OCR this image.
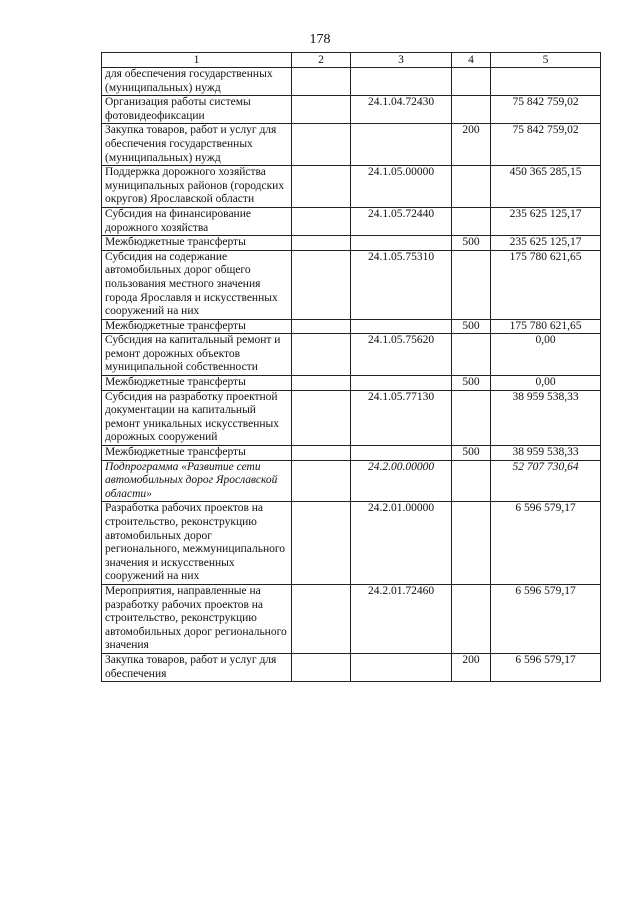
178
1	2	3	4	5
для обеспечения государственных (муниципальных) нужд				
Организация работы системы фотовидеофиксации		24.1.04.72430		75 842 759,02
Закупка товаров, работ и услуг для обеспечения государственных (муниципальных) нужд			200	75 842 759,02
Поддержка дорожного хозяйства муниципальных районов (городских округов) Ярославской области		24.1.05.00000		450 365 285,15
Субсидия на финансирование дорожного хозяйства		24.1.05.72440		235 625 125,17
Межбюджетные трансферты			500	235 625 125,17
Субсидия на содержание автомобильных дорог общего пользования местного значения города Ярославля и искусственных сооружений на них		24.1.05.75310		175 780 621,65
Межбюджетные трансферты			500	175 780 621,65
Субсидия на капитальный ремонт и ремонт дорожных объектов муниципальной собственности		24.1.05.75620		0,00
Межбюджетные трансферты			500	0,00
Субсидия на разработку проектной документации на капитальный ремонт уникальных искусственных дорожных сооружений		24.1.05.77130		38 959 538,33
Межбюджетные трансферты			500	38 959 538,33
Подпрограмма «Развитие сети автомобильных дорог Ярославской области»		24.2.00.00000		52 707 730,64
Разработка рабочих проектов на строительство, реконструкцию автомобильных дорог регионального, межмуниципального значения и искусственных сооружений на них		24.2.01.00000		6 596 579,17
Мероприятия, направленные на разработку рабочих проектов на строительство, реконструкцию автомобильных дорог регионального значения		24.2.01.72460		6 596 579,17
Закупка товаров, работ и услуг для обеспечения			200	6 596 579,17
